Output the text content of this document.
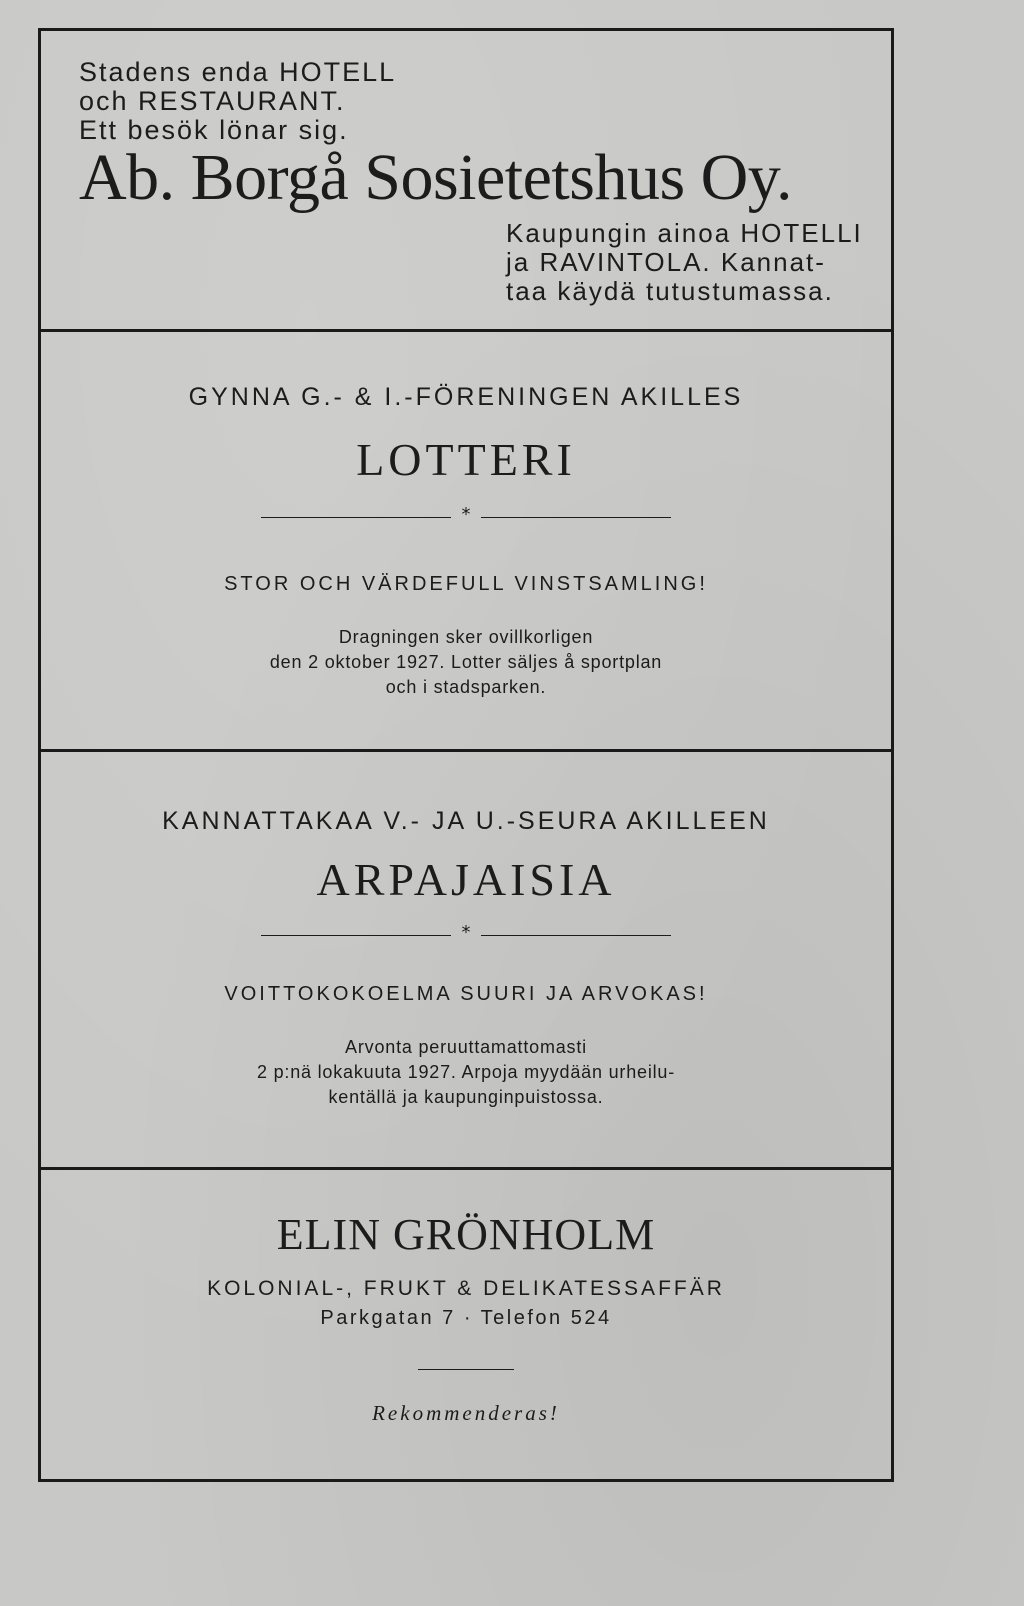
Stadens enda HOTELL
och RESTAURANT.
Ett besök lönar sig.
Ab. Borgå Sosietetshus Oy.
Kaupungin ainoa HOTELLI
ja RAVINTOLA. Kannat-
taa käydä tutustumassa.
GYNNA G.- & I.-FÖRENINGEN AKILLES
LOTTERI
*
STOR OCH VÄRDEFULL VINSTSAMLING!
Dragningen sker ovillkorligen
den 2 oktober 1927. Lotter säljes å sportplan
och i stadsparken.
KANNATTAKAA V.- JA U.-SEURA AKILLEEN
ARPAJAISIA
*
VOITTOKOKOELMA SUURI JA ARVOKAS!
Arvonta peruuttamattomasti
2 p:nä lokakuuta 1927. Arpoja myydään urheilu-
kentällä ja kaupunginpuistossa.
ELIN GRÖNHOLM
KOLONIAL-, FRUKT & DELIKATESSAFFÄR
Parkgatan 7 · Telefon 524
Rekommenderas!
